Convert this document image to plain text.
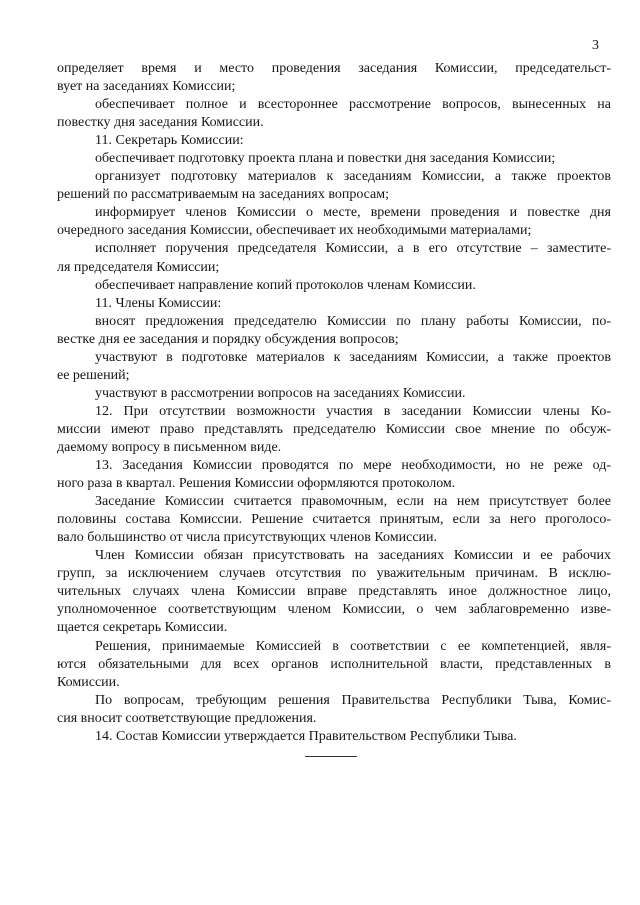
3
определяет время и место проведения заседания Комиссии, председательст-
вует на заседаниях Комиссии;
обеспечивает полное и всестороннее рассмотрение вопросов, вынесенных на
повестку дня заседания Комиссии.
11. Секретарь Комиссии:
обеспечивает подготовку проекта плана и повестки дня заседания Комиссии;
организует подготовку материалов к заседаниям Комиссии, а также проектов
решений по рассматриваемым на заседаниях вопросам;
информирует членов Комиссии о месте, времени проведения и повестке дня
очередного заседания Комиссии, обеспечивает их необходимыми материалами;
исполняет поручения председателя Комиссии, а в его отсутствие – заместите-
ля председателя Комиссии;
обеспечивает направление копий протоколов членам Комиссии.
11. Члены Комиссии:
вносят предложения председателю Комиссии по плану работы Комиссии, по-
вестке дня ее заседания и порядку обсуждения вопросов;
участвуют в подготовке материалов к заседаниям Комиссии, а также проектов
ее решений;
участвуют в рассмотрении вопросов на заседаниях Комиссии.
12. При отсутствии возможности участия в заседании Комиссии члены Ко-
миссии имеют право представлять председателю Комиссии свое мнение по обсуж-
даемому вопросу в письменном виде.
13. Заседания Комиссии проводятся по мере необходимости, но не реже од-
ного раза в квартал. Решения Комиссии оформляются протоколом.
Заседание Комиссии считается правомочным, если на нем присутствует более
половины состава Комиссии. Решение считается принятым, если за него проголосо-
вало большинство от числа присутствующих членов Комиссии.
Член Комиссии обязан присутствовать на заседаниях Комиссии и ее рабочих
групп, за исключением случаев отсутствия по уважительным причинам. В исклю-
чительных случаях члена Комиссии вправе представлять иное должностное лицо,
уполномоченное соответствующим членом Комиссии, о чем заблаговременно изве-
щается секретарь Комиссии.
Решения, принимаемые Комиссией в соответствии с ее компетенцией, явля-
ются обязательными для всех органов исполнительной власти, представленных в
Комиссии.
По вопросам, требующим решения Правительства Республики Тыва, Комис-
сия вносит соответствующие предложения.
14. Состав Комиссии утверждается Правительством Республики Тыва.
